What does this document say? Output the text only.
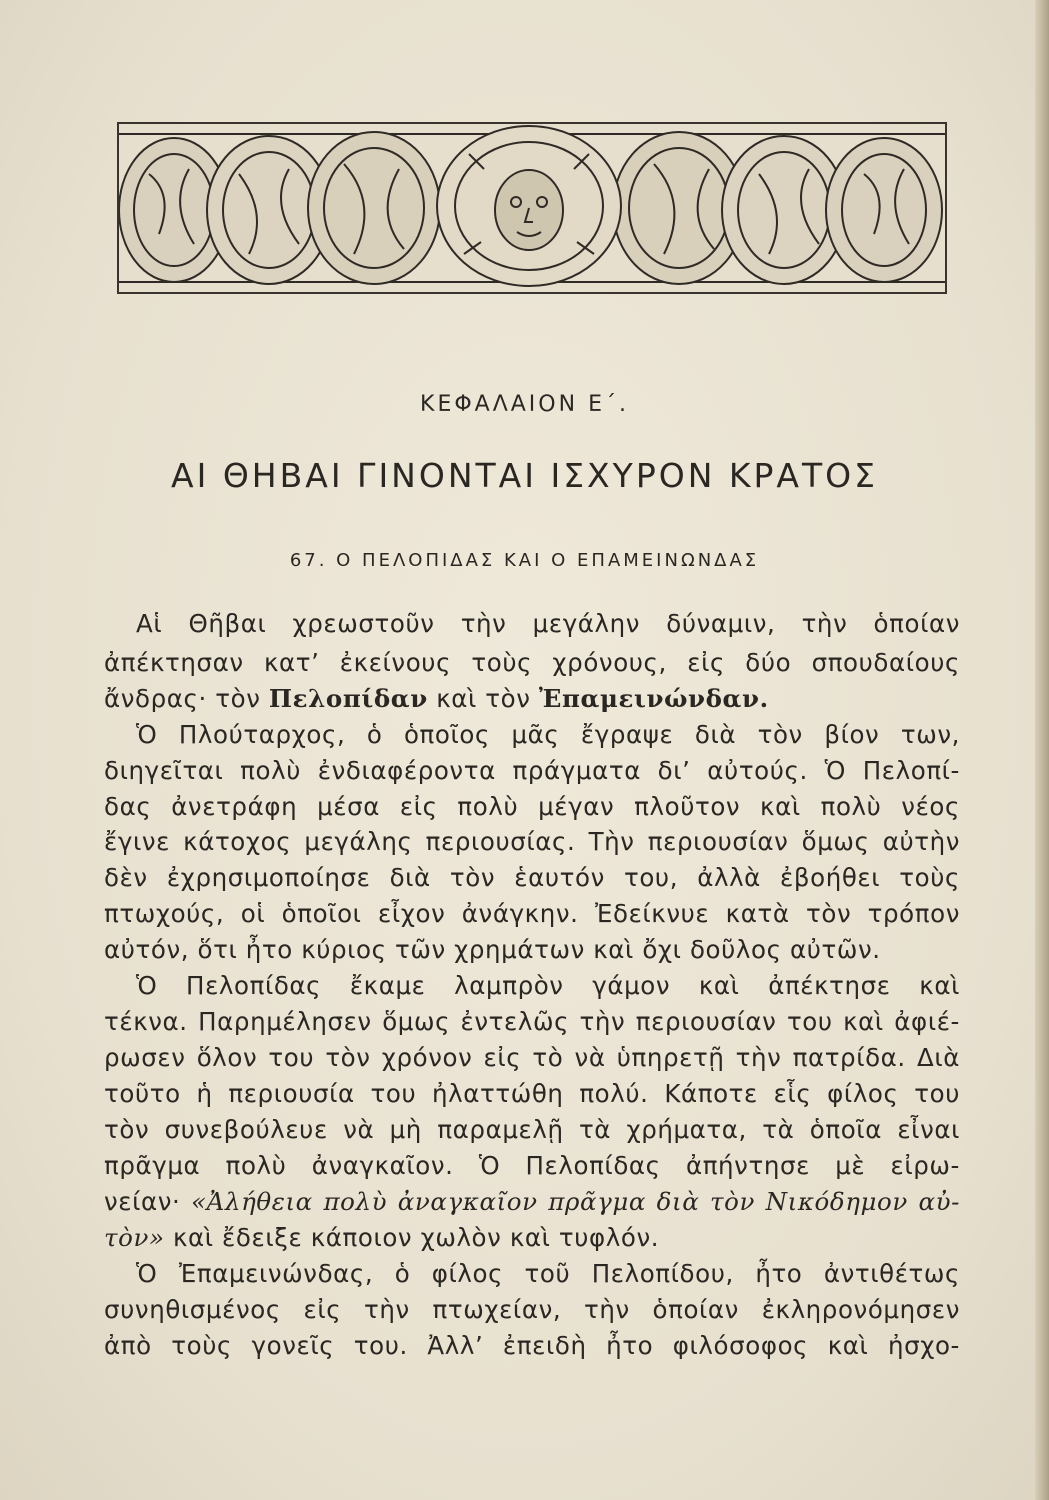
ΚΕΦΑΛΑΙΟΝ Ε΄.
ΑΙ ΘΗΒΑΙ ΓΙΝΟΝΤΑΙ ΙΣΧΥΡΟΝ ΚΡΑΤΟΣ
67. Ο ΠΕΛΟΠΙΔΑΣ ΚΑΙ Ο ΕΠΑΜΕΙΝΩΝΔΑΣ
Αἱ Θῆβαι χρεωστοῦν τὴν μεγάλην δύναμιν, τὴν ὁποίαν
ἀπέκτησαν κατ’ ἐκείνους τοὺς χρόνους, εἰς δύο σπουδαίους
ἄνδρας· τὸν Πελοπίδαν καὶ τὸν Ἐπαμεινώνδαν.
Ὁ Πλούταρχος, ὁ ὁποῖος μᾶς ἔγραψε διὰ τὸν βίον των,
διηγεῖται πολὺ ἐνδιαφέροντα πράγματα δι’ αὐτούς. Ὁ Πελοπί-
δας ἀνετράφη μέσα εἰς πολὺ μέγαν πλοῦτον καὶ πολὺ νέος
ἔγινε κάτοχος μεγάλης περιουσίας. Τὴν περιουσίαν ὅμως αὐτὴν
δὲν ἐχρησιμοποίησε διὰ τὸν ἑαυτόν του, ἀλλὰ ἐβοήθει τοὺς
πτωχούς, οἱ ὁποῖοι εἶχον ἀνάγκην. Ἐδείκνυε κατὰ τὸν τρόπον
αὐτόν, ὅτι ἦτο κύριος τῶν χρημάτων καὶ ὄχι δοῦλος αὐτῶν.
Ὁ Πελοπίδας ἔκαμε λαμπρὸν γάμον καὶ ἀπέκτησε καὶ
τέκνα. Παρημέλησεν ὅμως ἐντελῶς τὴν περιουσίαν του καὶ ἀφιέ-
ρωσεν ὅλον του τὸν χρόνον εἰς τὸ νὰ ὑπηρετῇ τὴν πατρίδα. Διὰ
τοῦτο ἡ περιουσία του ἠλαττώθη πολύ. Κάποτε εἷς φίλος του
τὸν συνεβούλευε νὰ μὴ παραμελῇ τὰ χρήματα, τὰ ὁποῖα εἶναι
πρᾶγμα πολὺ ἀναγκαῖον. Ὁ Πελοπίδας ἀπήντησε μὲ εἰρω-
νείαν· «Ἀλήθεια πολὺ ἀναγκαῖον πρᾶγμα διὰ τὸν Νικόδημον αὐ-
τὸν» καὶ ἔδειξε κάποιον χωλὸν καὶ τυφλόν.
Ὁ Ἐπαμεινώνδας, ὁ φίλος τοῦ Πελοπίδου, ἦτο ἀντιθέτως
συνηθισμένος εἰς τὴν πτωχείαν, τὴν ὁποίαν ἐκληρονόμησεν
ἀπὸ τοὺς γονεῖς του. Ἀλλ’ ἐπειδὴ ἦτο φιλόσοφος καὶ ἠσχο-
